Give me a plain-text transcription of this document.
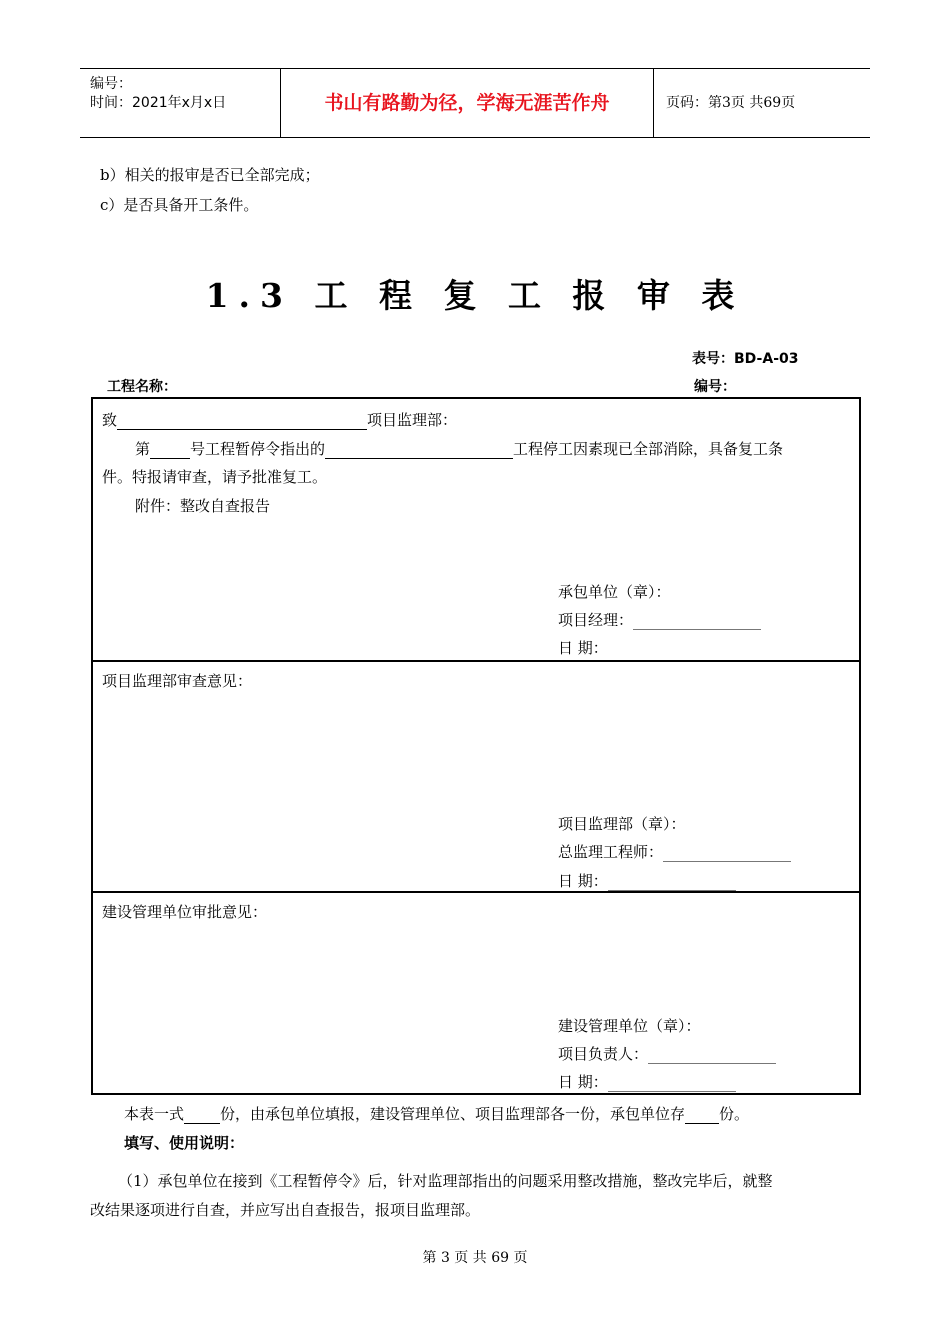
编号：
时间：2021年x月x日	书山有路勤为径，学海无涯苦作舟	页码：第3页 共69页
b）相关的报审是否已全部完成；
c）是否具备开工条件。
1.3 工 程 复 工 报 审 表
表号：BD-A-03
工程名称：	编号：
致	项目监理部：
第	号工程暂停令指出的	工程停工因素现已全部消除，具备复工条
件。特报请审查，请予批准复工。
附件：整改自查报告
承包单位（章）：
项目经理：
日 期：
项目监理部审查意见：
项目监理部（章）：
总监理工程师：
日 期：
建设管理单位审批意见：
建设管理单位（章）：
项目负责人：
日 期：
本表一式 份，由承包单位填报，建设管理单位、项目监理部各一份，承包单位存 份。
填写、使用说明：
（1）承包单位在接到《工程暂停令》后，针对监理部指出的问题采用整改措施，整改完毕后，就整
改结果逐项进行自查，并应写出自查报告，报项目监理部。
第 3 页 共 69 页
